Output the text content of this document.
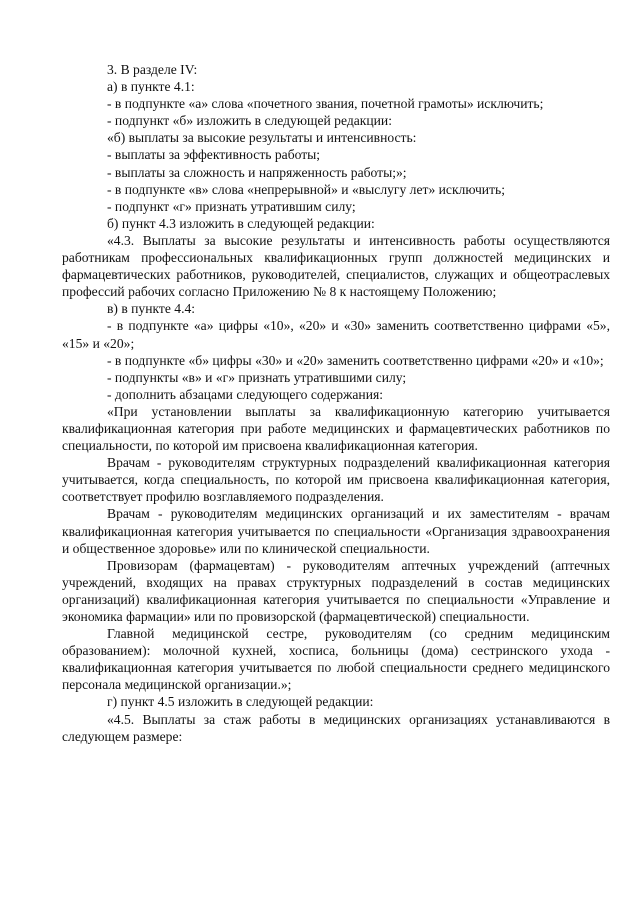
3. В разделе IV:

а) в пункте 4.1:

- в подпункте «а» слова «почетного звания, почетной грамоты» исключить;

- подпункт «б» изложить в следующей редакции:

«б) выплаты за высокие результаты и интенсивность:

- выплаты за эффективность работы;

- выплаты за сложность и напряженность работы;»;

- в подпункте «в» слова «непрерывной» и «выслугу лет» исключить;

- подпункт «г» признать утратившим силу;

б) пункт 4.3 изложить в следующей редакции:

«4.3. Выплаты за высокие результаты и интенсивность работы осуществляются работникам профессиональных квалификационных групп должностей медицинских и фармацевтических работников, руководителей, специалистов, служащих и общеотраслевых профессий рабочих согласно Приложению № 8 к настоящему Положению;

в) в пункте 4.4:

- в подпункте «а» цифры «10», «20» и «30» заменить соответственно цифрами «5», «15» и «20»;

- в подпункте «б» цифры «30» и «20» заменить соответственно цифрами «20» и «10»;

- подпункты «в» и «г» признать утратившими силу;

- дополнить абзацами следующего содержания:

«При установлении выплаты за квалификационную категорию учитывается квалификационная категория при работе медицинских и фармацевтических работников по специальности, по которой им присвоена квалификационная категория.

Врачам - руководителям структурных подразделений квалификационная категория учитывается, когда специальность, по которой им присвоена квалификационная категория, соответствует профилю возглавляемого подразделения.

Врачам - руководителям медицинских организаций и их заместителям - врачам квалификационная категория учитывается по специальности «Организация здравоохранения и общественное здоровье» или по клинической специальности.

Провизорам (фармацевтам) - руководителям аптечных учреждений (аптечных учреждений, входящих на правах структурных подразделений в состав медицинских организаций) квалификационная категория учитывается по специальности «Управление и экономика фармации» или по провизорской (фармацевтической) специальности.

Главной медицинской сестре, руководителям (со средним медицинским образованием): молочной кухней, хосписа, больницы (дома) сестринского ухода - квалификационная категория учитывается по любой специальности среднего медицинского персонала медицинской организации.»;

г) пункт 4.5 изложить в следующей редакции:

«4.5. Выплаты за стаж работы в медицинских организациях устанавливаются в следующем размере:
